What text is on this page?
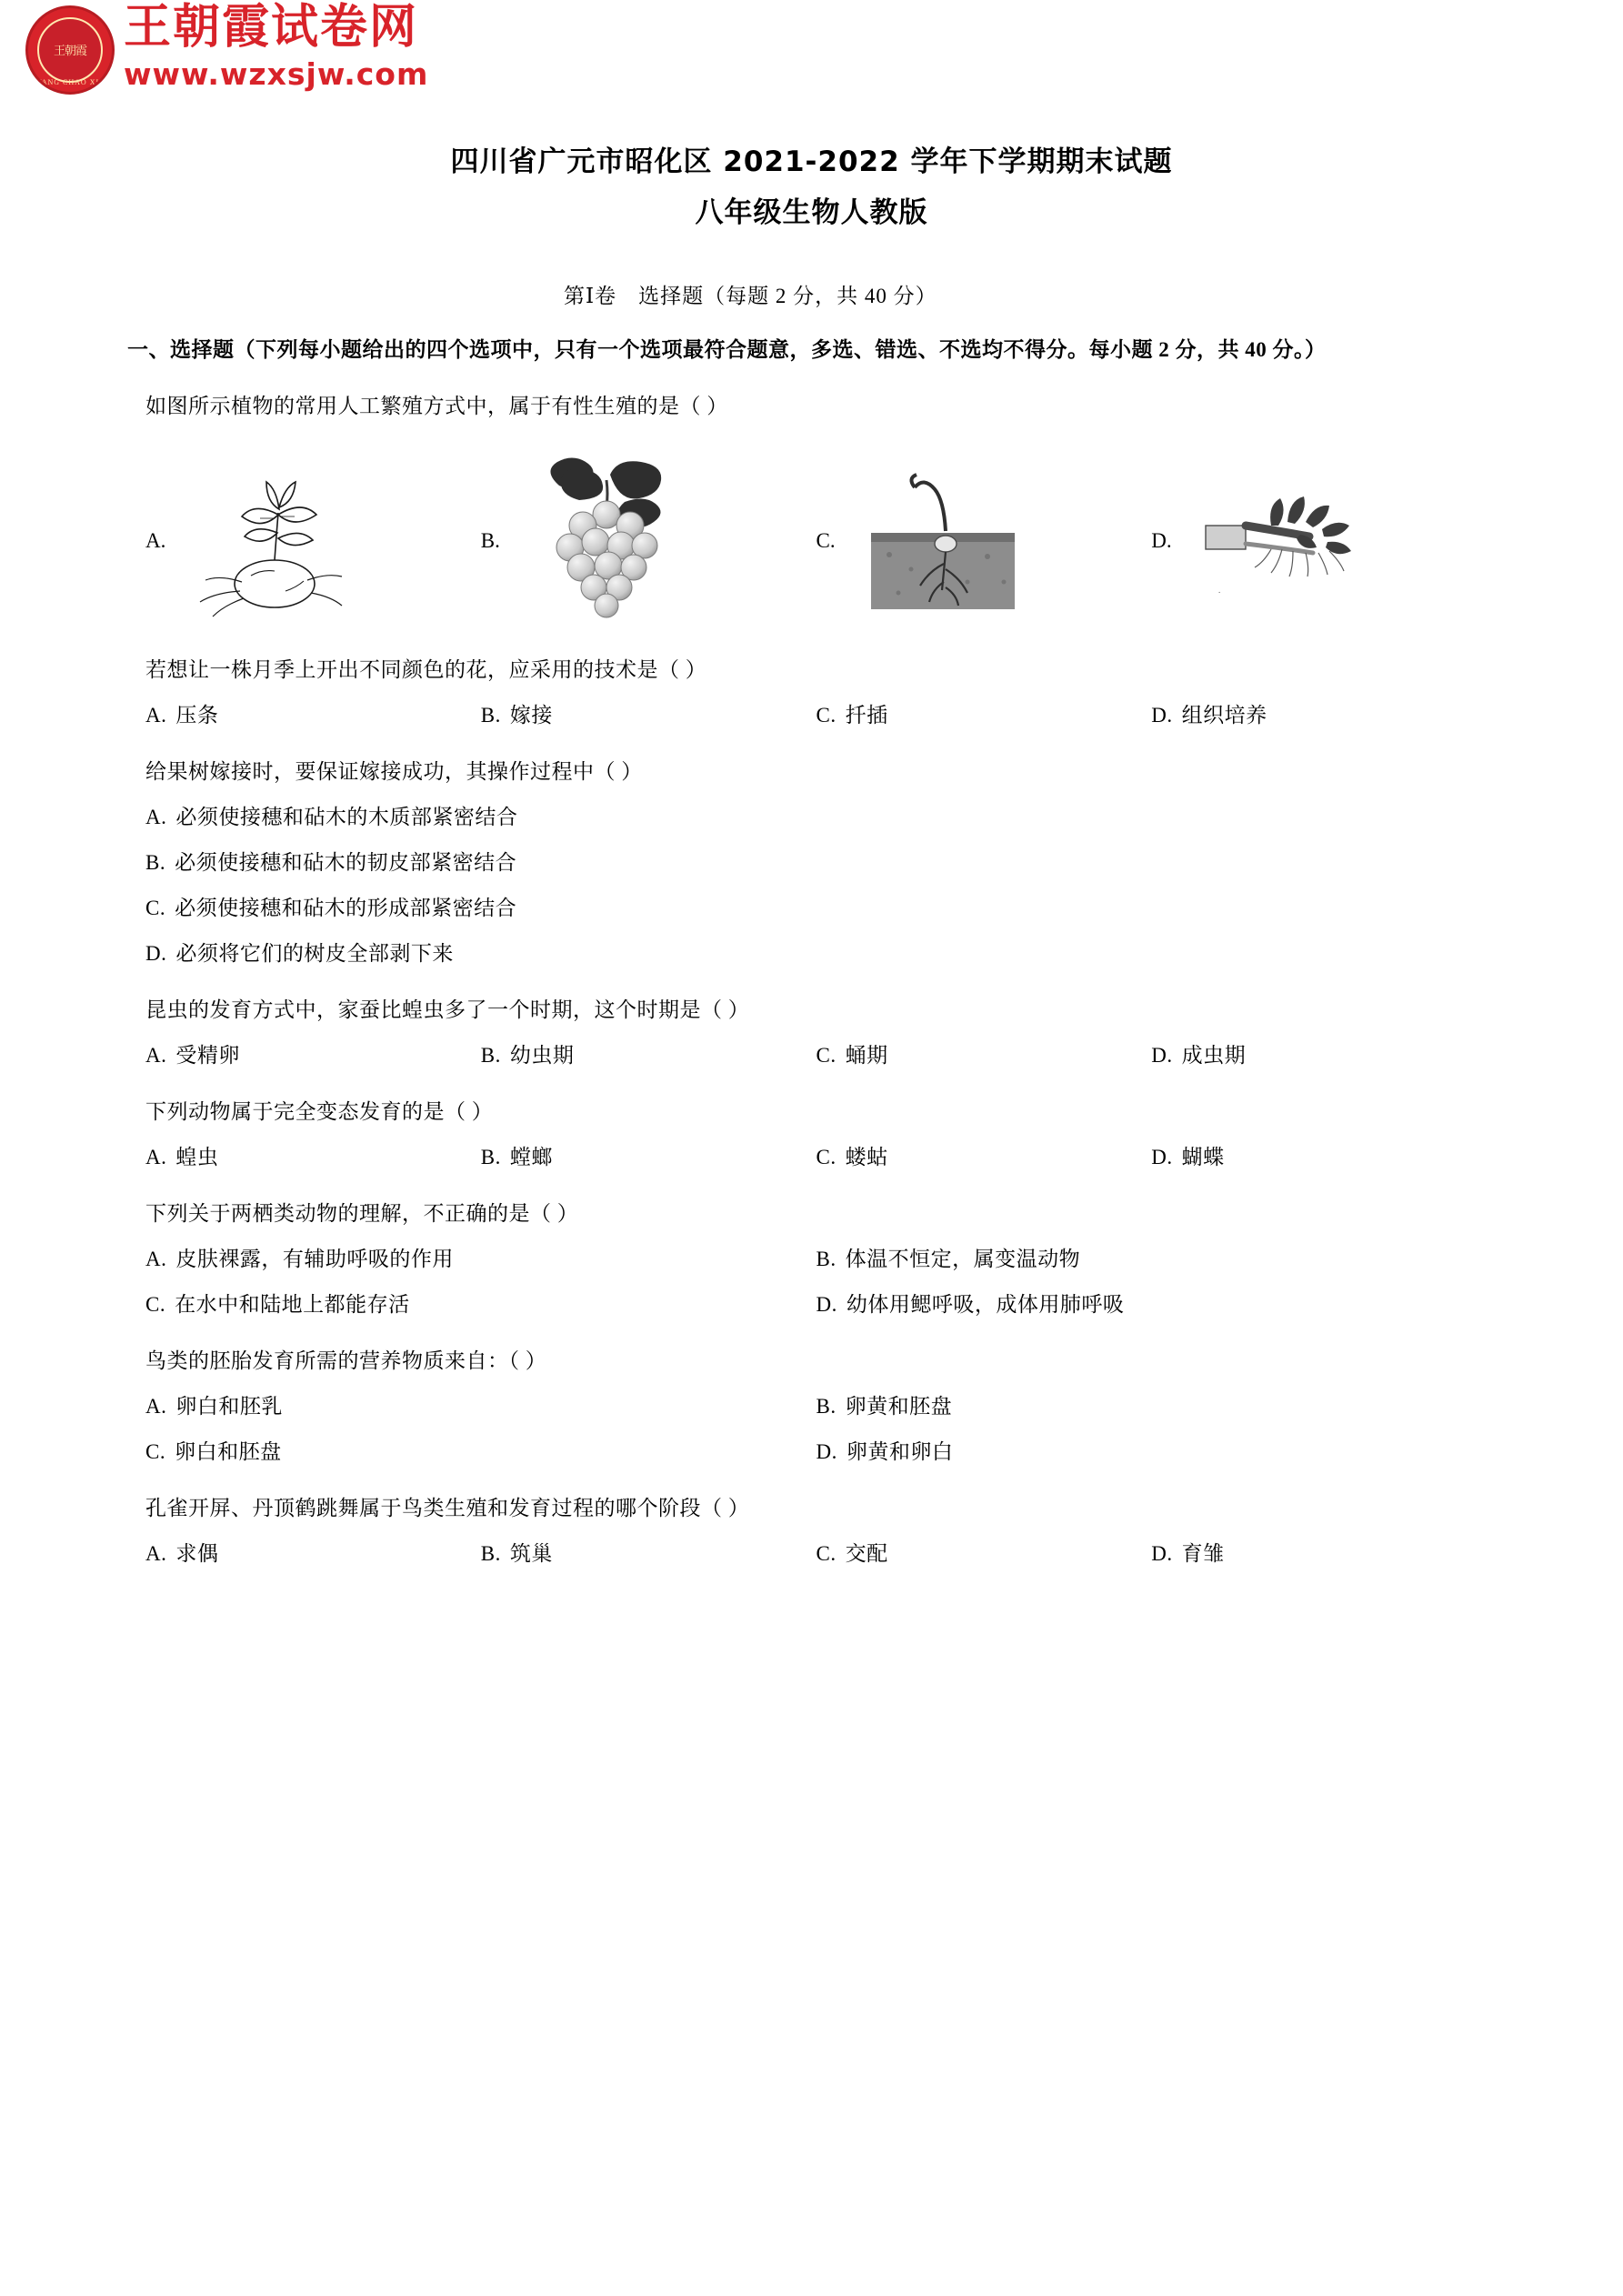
王朝霞
WANG CHAO XIA
王朝霞试卷网
www.wzxsjw.com
四川省广元市昭化区 2021-2022 学年下学期期末试题
八年级生物人教版
第Ⅰ卷　选择题（每题 2 分，共 40 分）
一、选择题（下列每小题给出的四个选项中，只有一个选项最符合题意，多选、错选、不选均不得分。每小题 2 分，共 40 分。）
如图所示植物的常用人工繁殖方式中，属于有性生殖的是（ ）
A.	B.	C.	D.
.
若想让一株月季上开出不同颜色的花，应采用的技术是（ ）
A. 压条	B. 嫁接	C. 扦插	D. 组织培养
给果树嫁接时，要保证嫁接成功，其操作过程中（ ）
A. 必须使接穗和砧木的木质部紧密结合
B. 必须使接穗和砧木的韧皮部紧密结合
C. 必须使接穗和砧木的形成部紧密结合
D. 必须将它们的树皮全部剥下来
昆虫的发育方式中，家蚕比蝗虫多了一个时期，这个时期是（ ）
A. 受精卵	B. 幼虫期	C. 蛹期	D. 成虫期
下列动物属于完全变态发育的是（ ）
A. 蝗虫	B. 螳螂	C. 蝼蛄	D. 蝴蝶
下列关于两栖类动物的理解，不正确的是（ ）
A. 皮肤裸露，有辅助呼吸的作用	B. 体温不恒定，属变温动物
C. 在水中和陆地上都能存活	D. 幼体用鳃呼吸，成体用肺呼吸
鸟类的胚胎发育所需的营养物质来自：（ ）
A. 卵白和胚乳	B. 卵黄和胚盘
C. 卵白和胚盘	D. 卵黄和卵白
孔雀开屏、丹顶鹤跳舞属于鸟类生殖和发育过程的哪个阶段（ ）
A. 求偶	B. 筑巢	C. 交配	D. 育雏
